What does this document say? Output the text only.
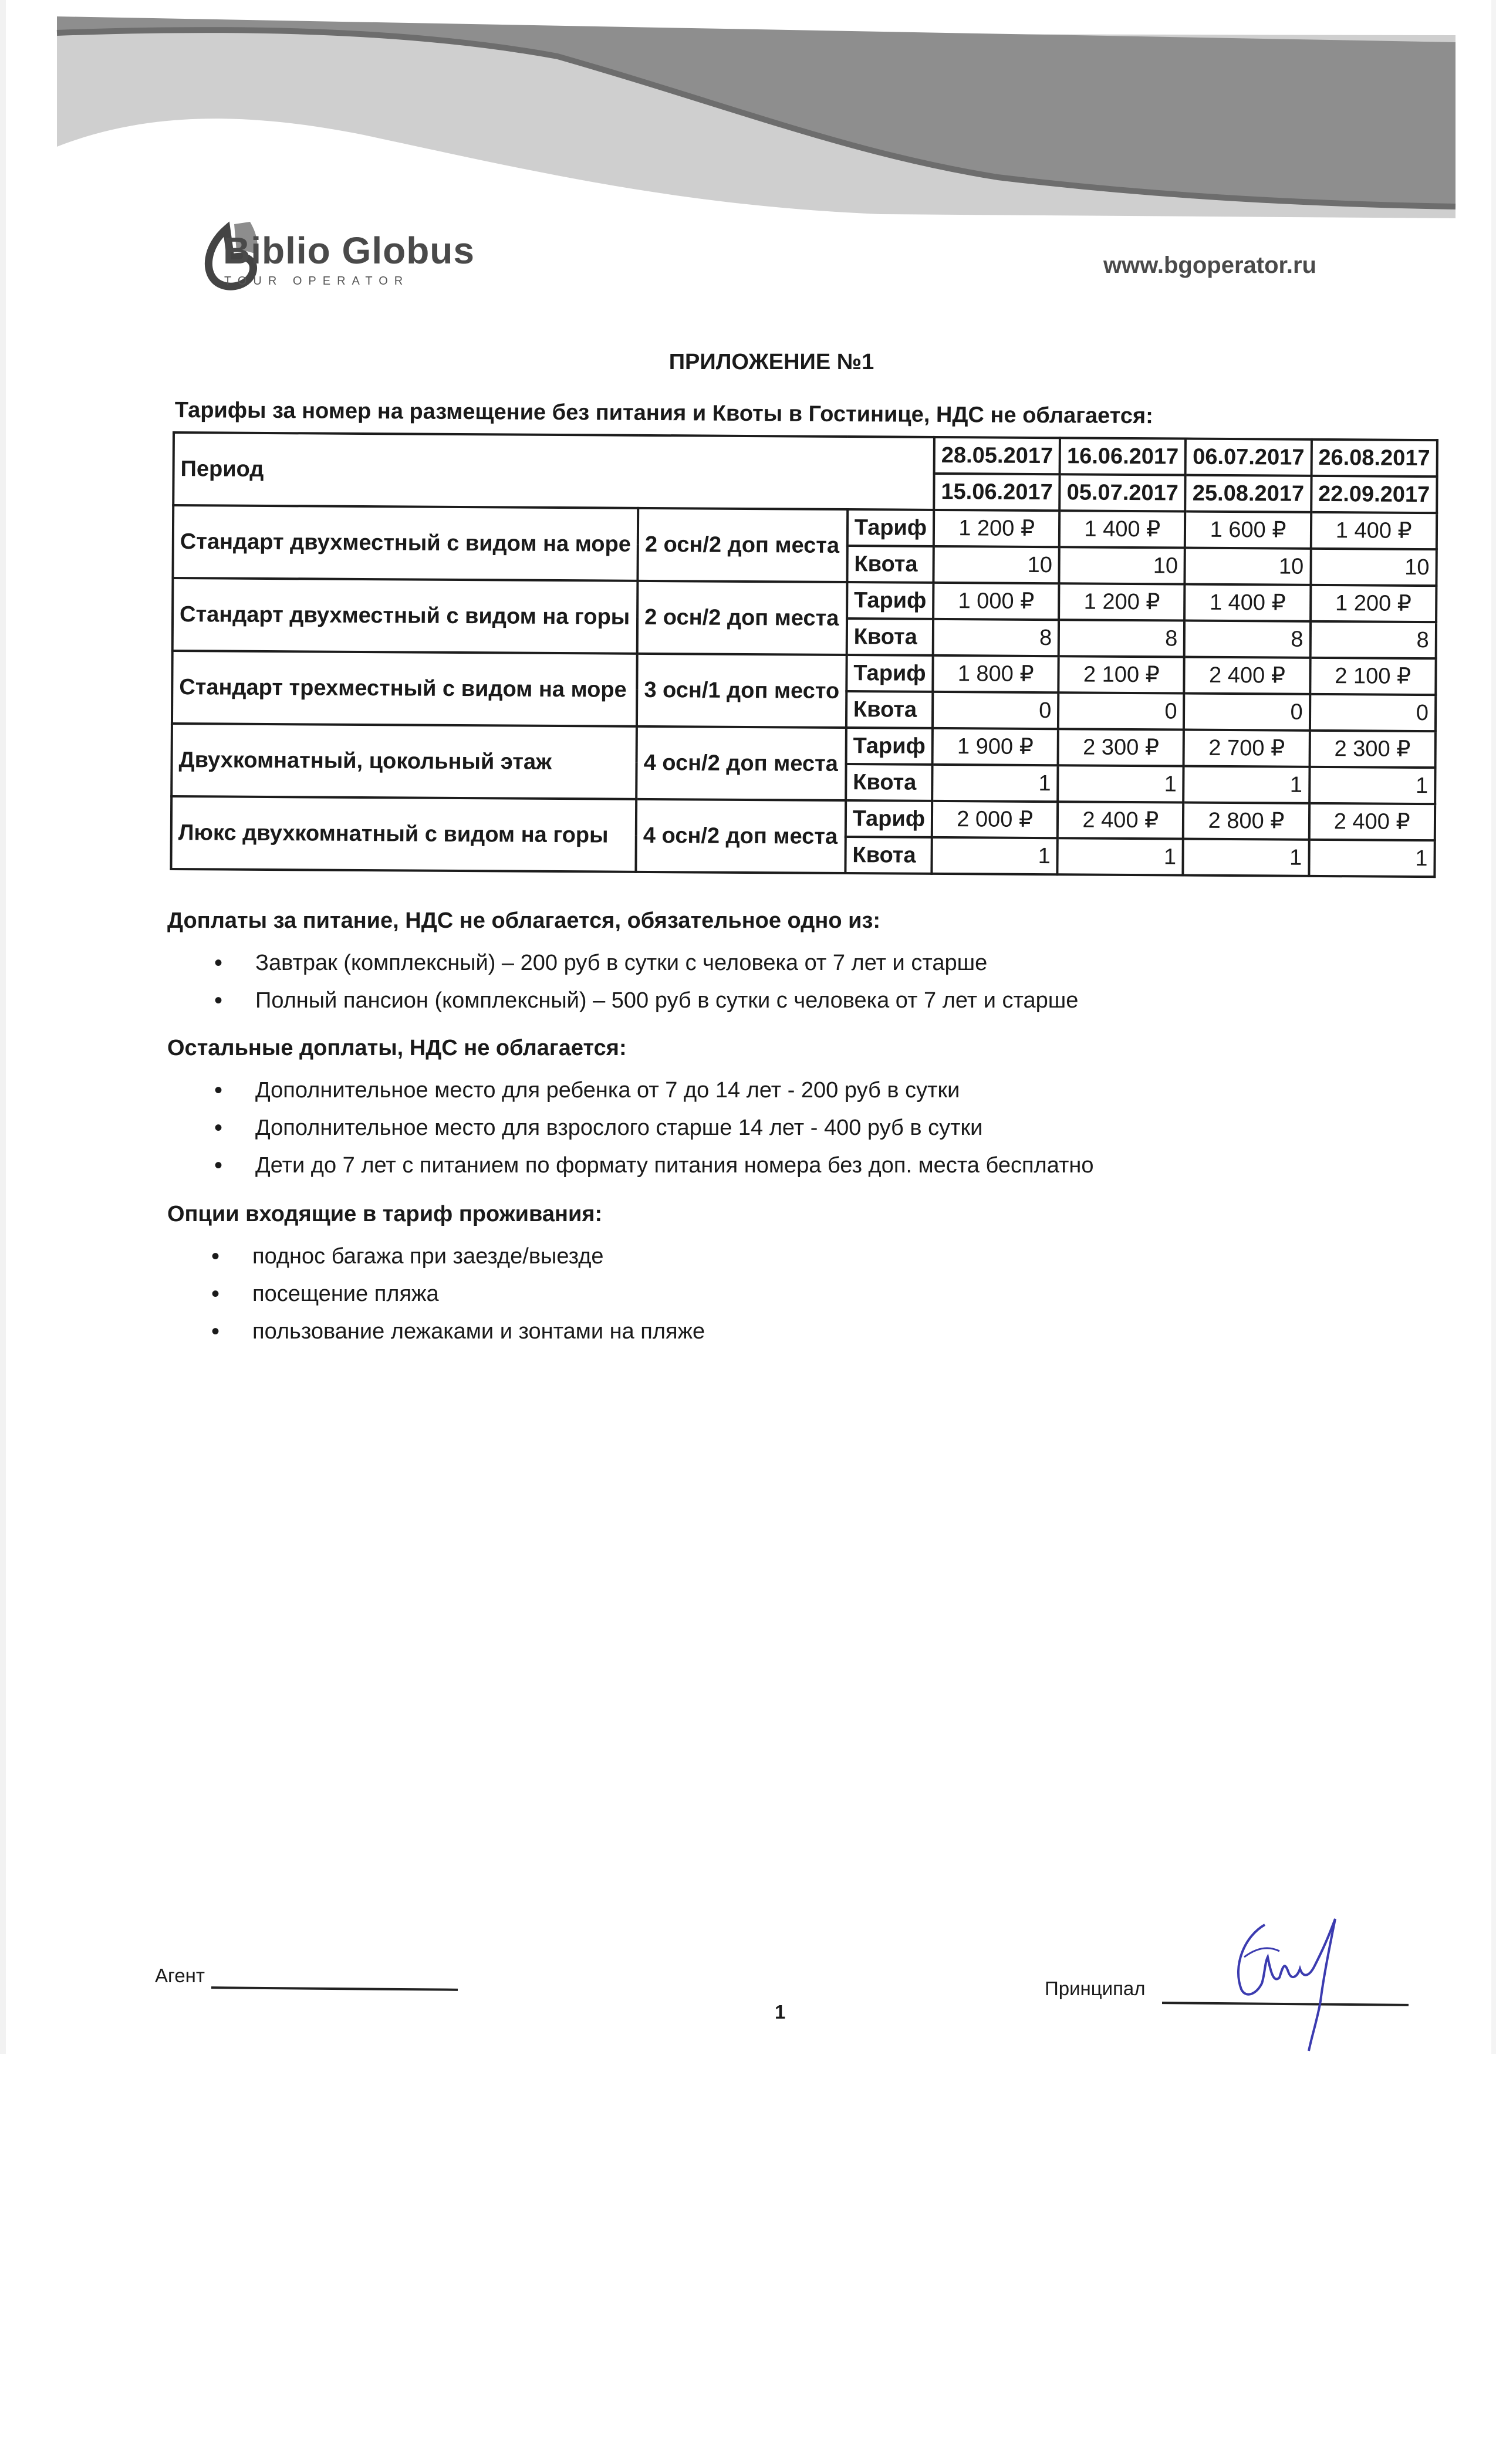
Biblio Globus
TOUR OPERATOR
www.bgoperator.ru
ПРИЛОЖЕНИЕ №1
Тарифы за номер на размещение без питания и Квоты в Гостинице, НДС не облагается:
Период			28.05.2017	16.06.2017	06.07.2017	26.08.2017
			15.06.2017	05.07.2017	25.08.2017	22.09.2017
Стандарт двухместный с видом на море	2 осн/2 доп места	Тариф	1 200 ₽	1 400 ₽	1 600 ₽	1 400 ₽
		Квота	10	10	10	10
Стандарт двухместный с видом на горы	2 осн/2 доп места	Тариф	1 000 ₽	1 200 ₽	1 400 ₽	1 200 ₽
		Квота	8	8	8	8
Стандарт трехместный с видом на море	3 осн/1 доп место	Тариф	1 800 ₽	2 100 ₽	2 400 ₽	2 100 ₽
		Квота	0	0	0	0
Двухкомнатный, цокольный этаж	4 осн/2 доп места	Тариф	1 900 ₽	2 300 ₽	2 700 ₽	2 300 ₽
		Квота	1	1	1	1
Люкс двухкомнатный с видом на горы	4 осн/2 доп места	Тариф	2 000 ₽	2 400 ₽	2 800 ₽	2 400 ₽
		Квота	1	1	1	1
Доплаты за питание, НДС не облагается, обязательное одно из:
• Завтрак (комплексный) – 200 руб в сутки с человека от 7 лет и старше
• Полный пансион (комплексный) – 500 руб в сутки с человека от 7 лет и старше
Остальные доплаты, НДС не облагается:
• Дополнительное место для ребенка от 7 до 14 лет - 200 руб в сутки
• Дополнительное место для взрослого старше 14 лет - 400 руб в сутки
• Дети до 7 лет с питанием по формату питания номера без доп. места бесплатно
Опции входящие в тариф проживания:
• поднос багажа при заезде/выезде
• посещение пляжа
• пользование лежаками и зонтами на пляже
Агент
1
Принципал
